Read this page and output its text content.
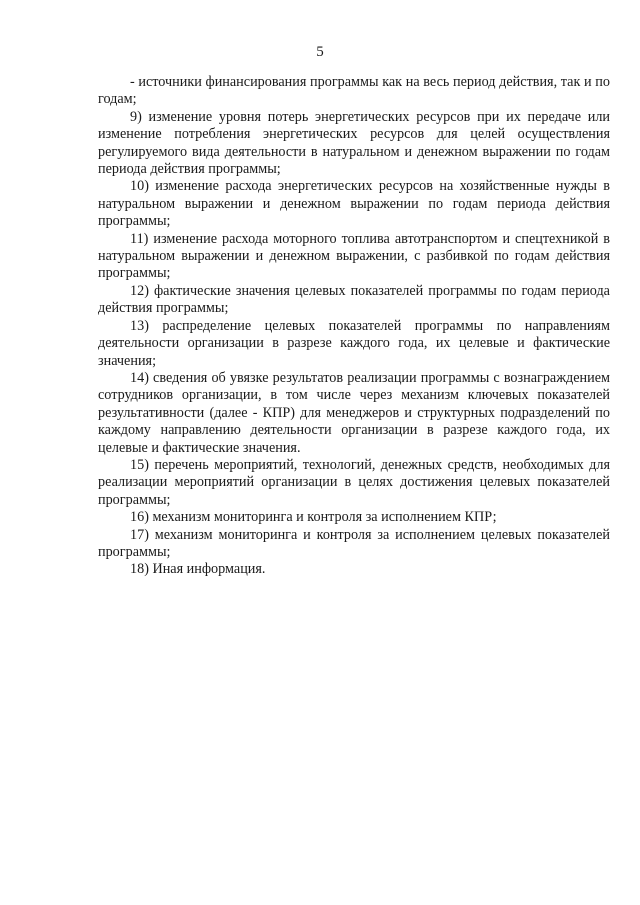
5

- источники финансирования программы как на весь период действия, так и по годам;

9) изменение уровня потерь энергетических ресурсов при их передаче или изменение потребления энергетических ресурсов для целей осуществления регулируемого вида деятельности в натуральном и денежном выражении по годам периода действия программы;

10) изменение расхода энергетических ресурсов на хозяйственные нужды в натуральном выражении и денежном выражении по годам периода действия программы;

11) изменение расхода моторного топлива автотранспортом и спецтехникой в натуральном выражении и денежном выражении, с разбивкой по годам действия программы;

12) фактические значения целевых показателей программы по годам периода действия программы;

13) распределение целевых показателей программы по направлениям деятельности организации в разрезе каждого года, их целевые и фактические значения;

14) сведения об увязке результатов реализации программы с вознаграждением сотрудников организации, в том числе через механизм ключевых показателей результативности (далее - КПР) для менеджеров и структурных подразделений по каждому направлению деятельности организации в разрезе каждого года, их целевые и фактические значения.

15) перечень мероприятий, технологий, денежных средств, необходимых для реализации мероприятий организации в целях достижения целевых показателей программы;

16) механизм мониторинга и контроля за исполнением КПР;

17) механизм мониторинга и контроля за исполнением целевых показателей программы;

18) Иная информация.
